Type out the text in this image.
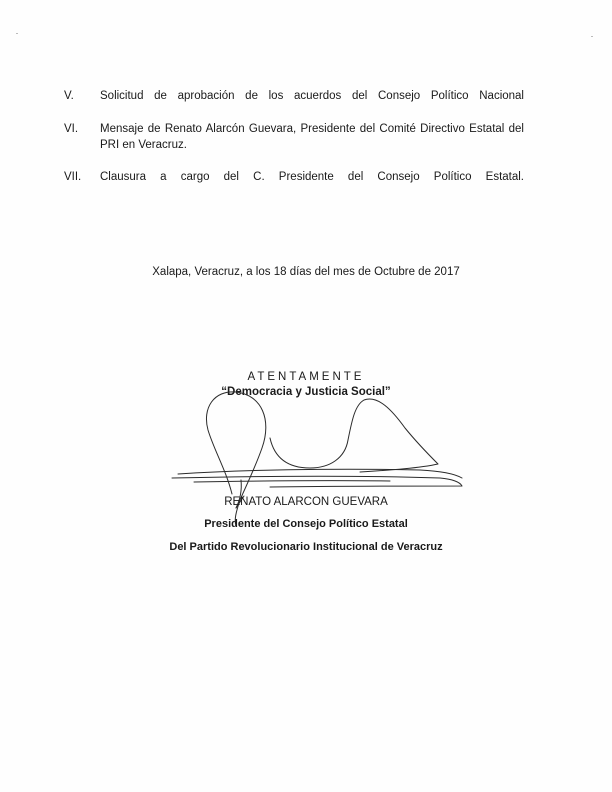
V.	Solicitud de aprobación de los acuerdos del Consejo Político Nacional
VI.	Mensaje de Renato Alarcón Guevara, Presidente del Comité Directivo Estatal del PRI en Veracruz.
VII.	Clausura a cargo del C. Presidente del Consejo Político Estatal.
Xalapa, Veracruz, a los 18 días del mes de Octubre de 2017
ATENTAMENTE
“Democracia y Justicia Social”
RENATO ALARCON GUEVARA
Presidente del Consejo Político Estatal
Del Partido Revolucionario Institucional de Veracruz
